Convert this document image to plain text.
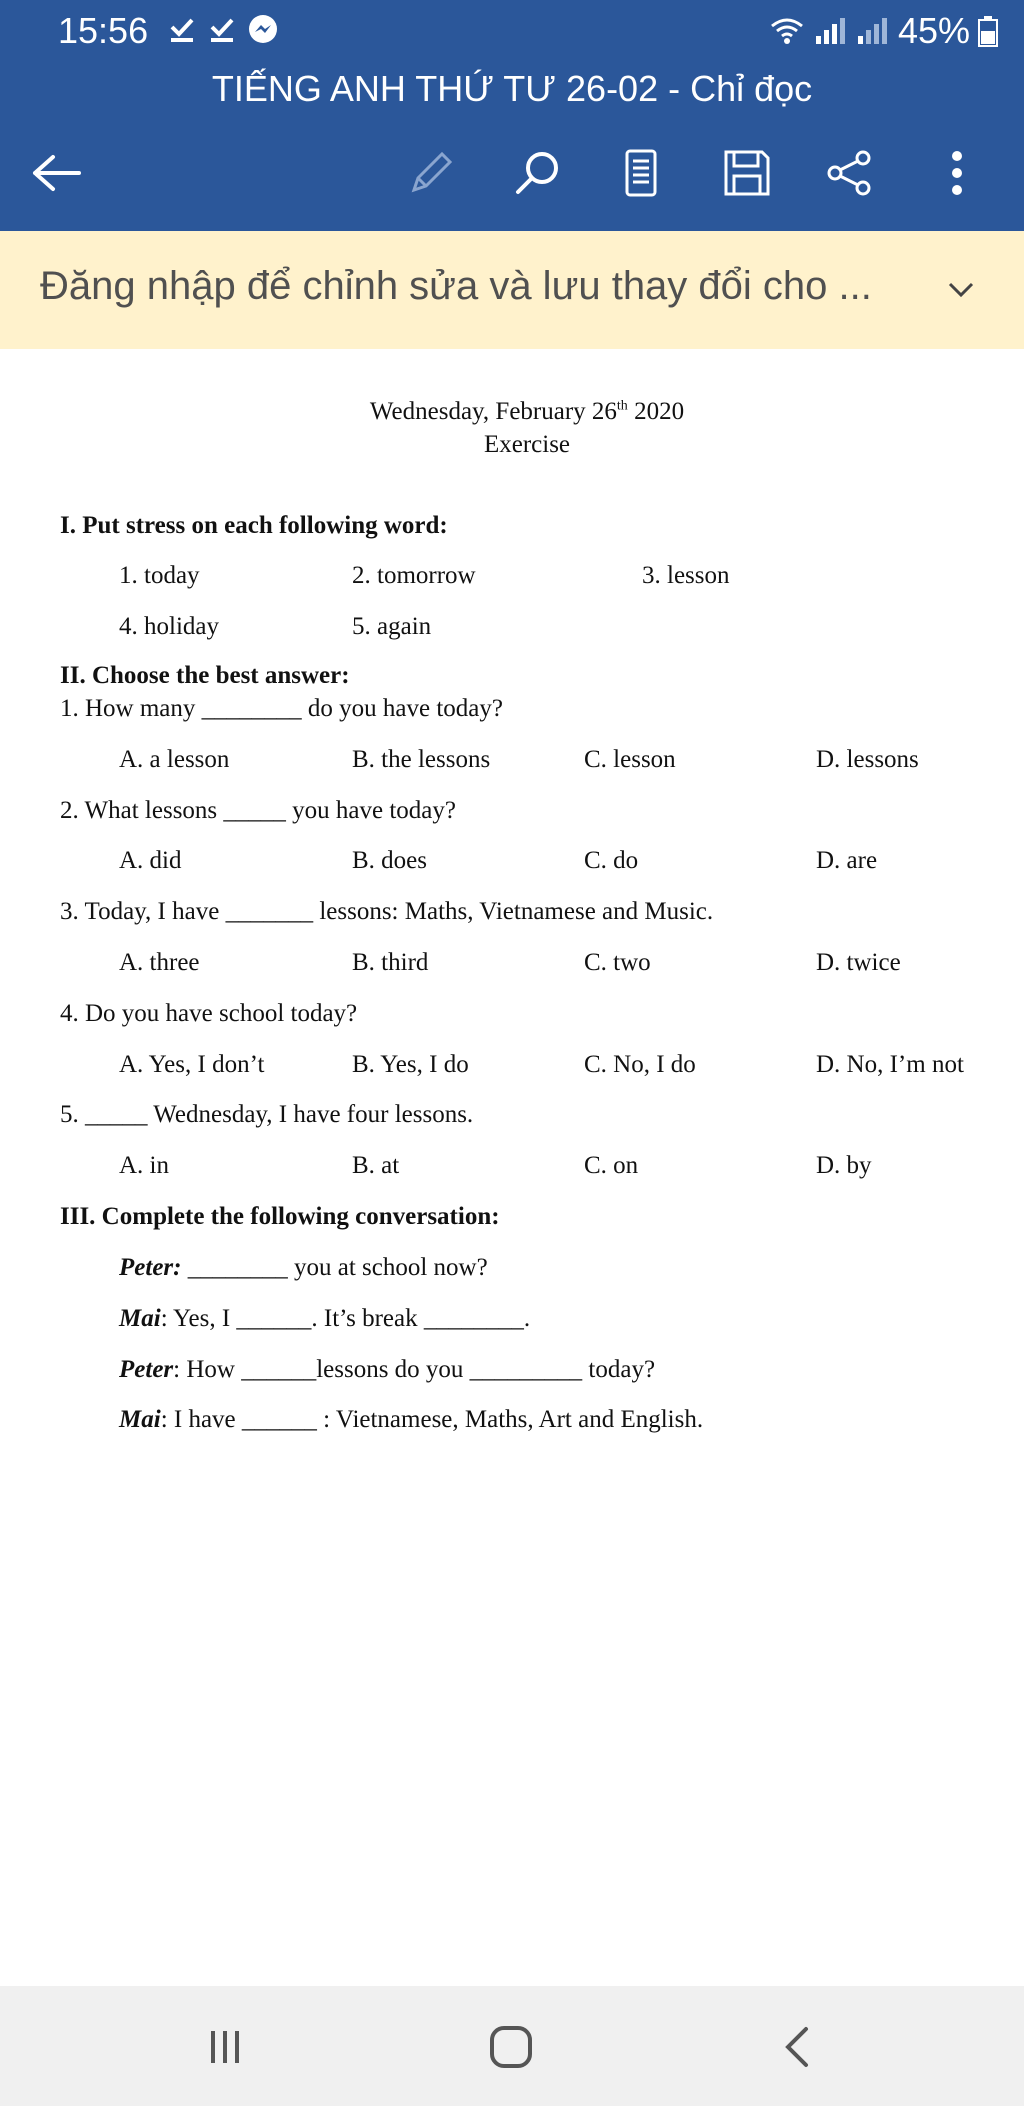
15:56	45%
TIẾNG ANH THỨ TƯ 26-02 - Chỉ đọc
Đăng nhập để chỉnh sửa và lưu thay đổi cho ...
Wednesday, February 26th 2020
Exercise
I. Put stress on each following word:
1. today	2. tomorrow	3. lesson
4. holiday	5. again
II. Choose the best answer:
1. How many ________ do you have today?
A. a lesson	B. the lessons	C. lesson	D. lessons
2. What lessons _____ you have today?
A. did	B. does	C. do	D. are
3. Today, I have _______ lessons: Maths, Vietnamese and Music.
A. three	B. third	C. two	D. twice
4. Do you have school today?
A. Yes, I don’t	B. Yes, I do	C. No, I do	D. No, I’m not
5. _____ Wednesday, I have four lessons.
A. in	B. at	C. on	D. by
III. Complete the following conversation:
Peter: ________ you at school now?
Mai: Yes, I ______. It’s break ________.
Peter: How ______lessons do you _________ today?
Mai: I have ______ : Vietnamese, Maths, Art and English.
